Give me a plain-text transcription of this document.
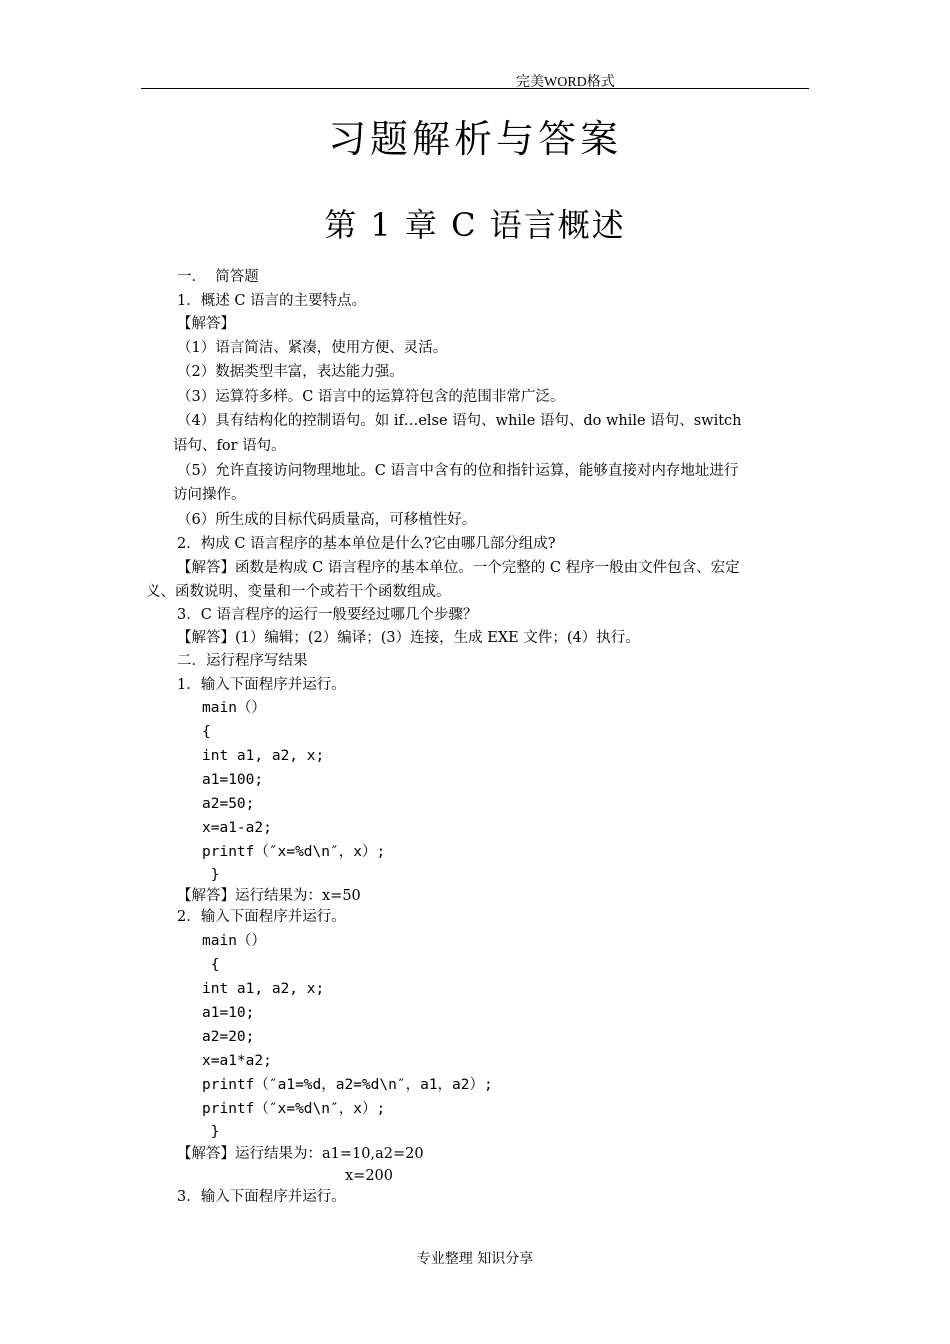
完美WORD格式
习题解析与答案
第 1 章 C 语言概述
一．  简答题
1．概述 C 语言的主要特点。
【解答】
（1）语言简洁、紧凑，使用方便、灵活。
（2）数据类型丰富，表达能力强。
（3）运算符多样。C 语言中的运算符包含的范围非常广泛。
（4）具有结构化的控制语句。如 if…else 语句、while 语句、do while 语句、switch
语句、for 语句。
（5）允许直接访问物理地址。C 语言中含有的位和指针运算，能够直接对内存地址进行
访问操作。
（6）所生成的目标代码质量高，可移植性好。
2．构成 C 语言程序的基本单位是什么?它由哪几部分组成?
【解答】函数是构成 C 语言程序的基本单位。一个完整的 C 程序一般由文件包含、宏定
义、函数说明、变量和一个或若干个函数组成。
3．C 语言程序的运行一般要经过哪几个步骤？
【解答】(1）编辑；(2）编译；(3）连接，生成 EXE 文件；(4）执行。
二．运行程序写结果
1．输入下面程序并运行。
main（）
{
int a1, a2, x;
a1=100;
a2=50;
x=a1-a2;
printf（″x=%d\n″，x）;
}
【解答】运行结果为：x=50
2．输入下面程序并运行。
main（）
{
int a1, a2, x;
a1=10;
a2=20;
x=a1*a2;
printf（″a1=%d，a2=%d\n″，a1，a2）;
printf（″x=%d\n″，x）;
}
【解答】运行结果为：a1=10,a2=20
x=200
3．输入下面程序并运行。
专业整理 知识分享
